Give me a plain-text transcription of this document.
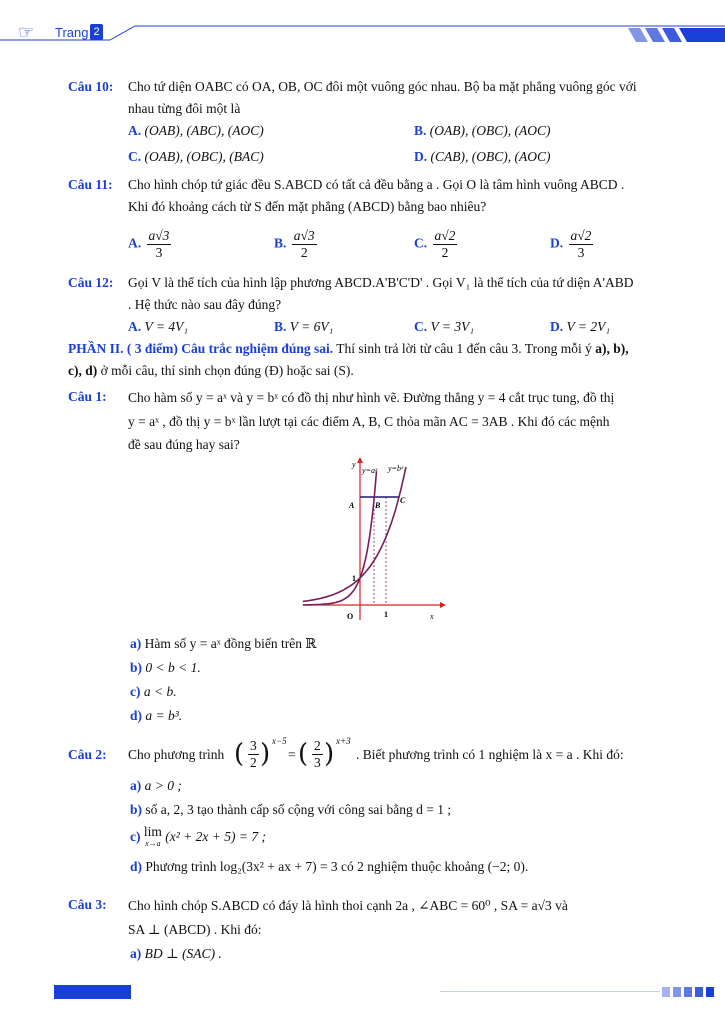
☞ Trang 2
Câu 10: Cho tứ diện OABC có OA, OB, OC đôi một vuông góc nhau. Bộ ba mặt phẳng vuông góc với
nhau từng đôi một là
A. (OAB), (ABC), (AOC)	B. (OAB), (OBC), (AOC)
C. (OAB), (OBC), (BAC)	D. (CAB), (OBC), (AOC)
Câu 11: Cho hình chóp tứ giác đều S.ABCD có tất cả đều bằng a . Gọi O là tâm hình vuông ABCD .
Khi đó khoảng cách từ S đến mặt phẳng (ABCD) bằng bao nhiêu?
A. $\frac{a√3}{3}$	B. $\frac{a√3}{2}$	C. $\frac{a√2}{2}$	D. $\frac{a√2}{3}$
Câu 12: Gọi V là thể tích của hình lập phương ABCD.A'B'C'D' . Gọi V₁ là thể tích của tứ diện A'ABD
. Hệ thức nào sau đây đúng?
A. V = 4V₁	B. V = 6V₁	C. V = 3V₁	D. V = 2V₁
PHẦN II. ( 3 điểm) Câu trắc nghiệm đúng sai. Thí sinh trả lời từ câu 1 đến câu 3. Trong mỗi ý a), b),
c), d) ở mỗi câu, thí sinh chọn đúng (Đ) hoặc sai (S).
Câu 1: Cho hàm số y = aˣ và y = bˣ có đồ thị như hình vẽ. Đường thẳng y = 4 cắt trục tung, đồ thị
y = aˣ , đồ thị y = bˣ lần lượt tại các điểm A, B, C thỏa mãn AC = 3AB . Khi đó các mệnh
đề sau đúng hay sai?
y
x
O	1
1
A	B
C
y=aˣ y=bˣ
a) Hàm số y = aˣ đồng biến trên ℝ
b) 0 < b < 1.
c) a < b.
d) a = b³.
Câu 2: Cho phương trình ( $\frac{3}{2}$ ) x−5
= ( $\frac{2}{3}$ ) x+3
. Biết phương trình có 1 nghiệm là x = a . Khi đó:
a) a > 0 ;
b) số a, 2, 3 tạo thành cấp số cộng với công sai bằng d = 1 ;
c) lim
x→a (x² + 2x + 5) = 7 ;
d) Phương trình log₂(3x² + ax + 7) = 3 có 2 nghiệm thuộc khoảng (−2; 0).
Câu 3: Cho hình chóp S.ABCD có đáy là hình thoi cạnh 2a , ∠ABC = 60⁰ , SA = a√3 và
SA ⊥ (ABCD) . Khi đó:
a) BD ⊥ (SAC) .
